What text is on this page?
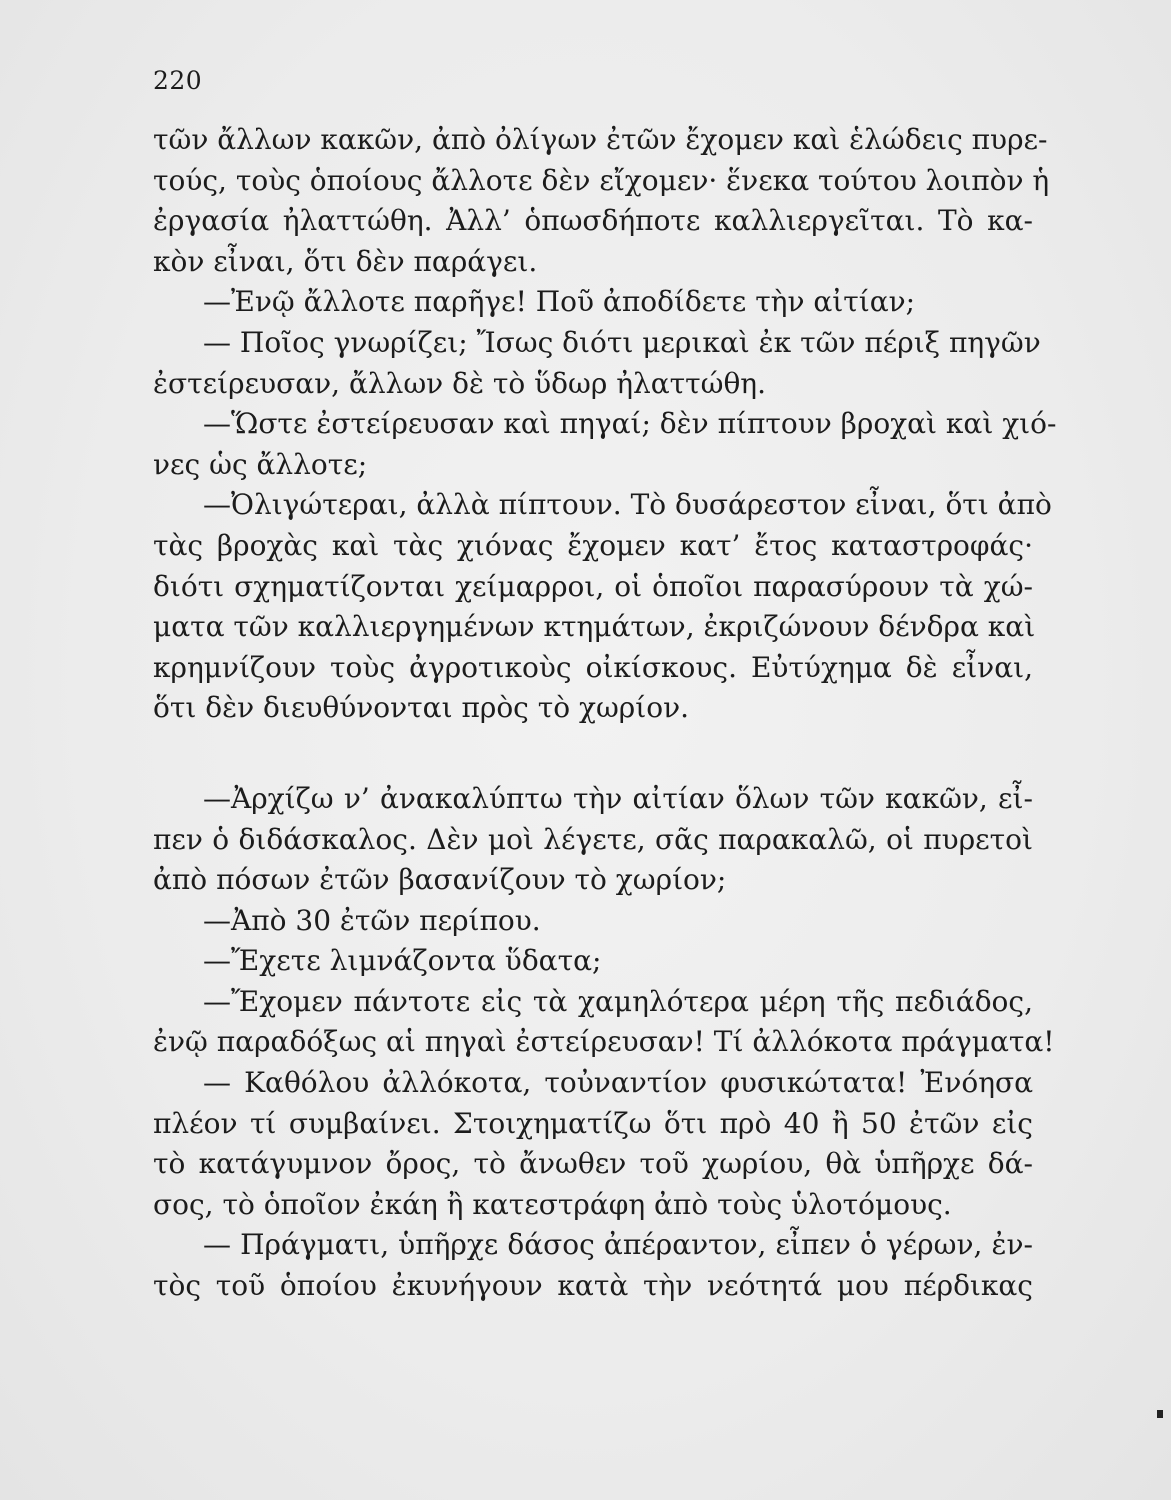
220
τῶν ἄλλων κακῶν, ἀπὸ ὀλίγων ἐτῶν ἔχομεν καὶ ἑλώδεις πυρε-
τούς, τοὺς ὁποίους ἄλλοτε δὲν εἴχομεν· ἕνεκα τούτου λοιπὸν ἡ
ἐργασία ἠλαττώθη. Ἀλλ’ ὁπωσδήποτε καλλιεργεῖται. Τὸ κα-
κὸν εἶναι, ὅτι δὲν παράγει.
—Ἐνῷ ἄλλοτε παρῆγε! Ποῦ ἀποδίδετε τὴν αἰτίαν;
— Ποῖος γνωρίζει; Ἴσως διότι μερικαὶ ἐκ τῶν πέριξ πηγῶν
ἐστείρευσαν, ἄλλων δὲ τὸ ὕδωρ ἠλαττώθη.
—Ὥστε ἐστείρευσαν καὶ πηγαί; δὲν πίπτουν βροχαὶ καὶ χιό-
νες ὡς ἄλλοτε;
—Ὀλιγώτεραι, ἀλλὰ πίπτουν. Τὸ δυσάρεστον εἶναι, ὅτι ἀπὸ
τὰς βροχὰς καὶ τὰς χιόνας ἔχομεν κατ’ ἔτος καταστροφάς·
διότι σχηματίζονται χείμαρροι, οἱ ὁποῖοι παρασύρουν τὰ χώ-
ματα τῶν καλλιεργημένων κτημάτων, ἐκριζώνουν δένδρα καὶ
κρημνίζουν τοὺς ἀγροτικοὺς οἰκίσκους. Εὐτύχημα δὲ εἶναι,
ὅτι δὲν διευθύνονται πρὸς τὸ χωρίον.
—Ἀρχίζω ν’ ἀνακαλύπτω τὴν αἰτίαν ὅλων τῶν κακῶν, εἶ-
πεν ὁ διδάσκαλος. Δὲν μοὶ λέγετε, σᾶς παρακαλῶ, οἱ πυρετοὶ
ἀπὸ πόσων ἐτῶν βασανίζουν τὸ χωρίον;
—Ἀπὸ 30 ἐτῶν περίπου.
—Ἔχετε λιμνάζοντα ὕδατα;
—Ἔχομεν πάντοτε εἰς τὰ χαμηλότερα μέρη τῆς πεδιάδος,
ἐνῷ παραδόξως αἱ πηγαὶ ἐστείρευσαν! Τί ἀλλόκοτα πράγματα!
— Καθόλου ἀλλόκοτα, τοὐναντίον φυσικώτατα! Ἐνόησα
πλέον τί συμβαίνει. Στοιχηματίζω ὅτι πρὸ 40 ἢ 50 ἐτῶν εἰς
τὸ κατάγυμνον ὄρος, τὸ ἄνωθεν τοῦ χωρίου, θὰ ὑπῆρχε δά-
σος, τὸ ὁποῖον ἐκάη ἢ κατεστράφη ἀπὸ τοὺς ὑλοτόμους.
— Πράγματι, ὑπῆρχε δάσος ἀπέραντον, εἶπεν ὁ γέρων, ἐν-
τὸς τοῦ ὁποίου ἐκυνήγουν κατὰ τὴν νεότητά μου πέρδικας
